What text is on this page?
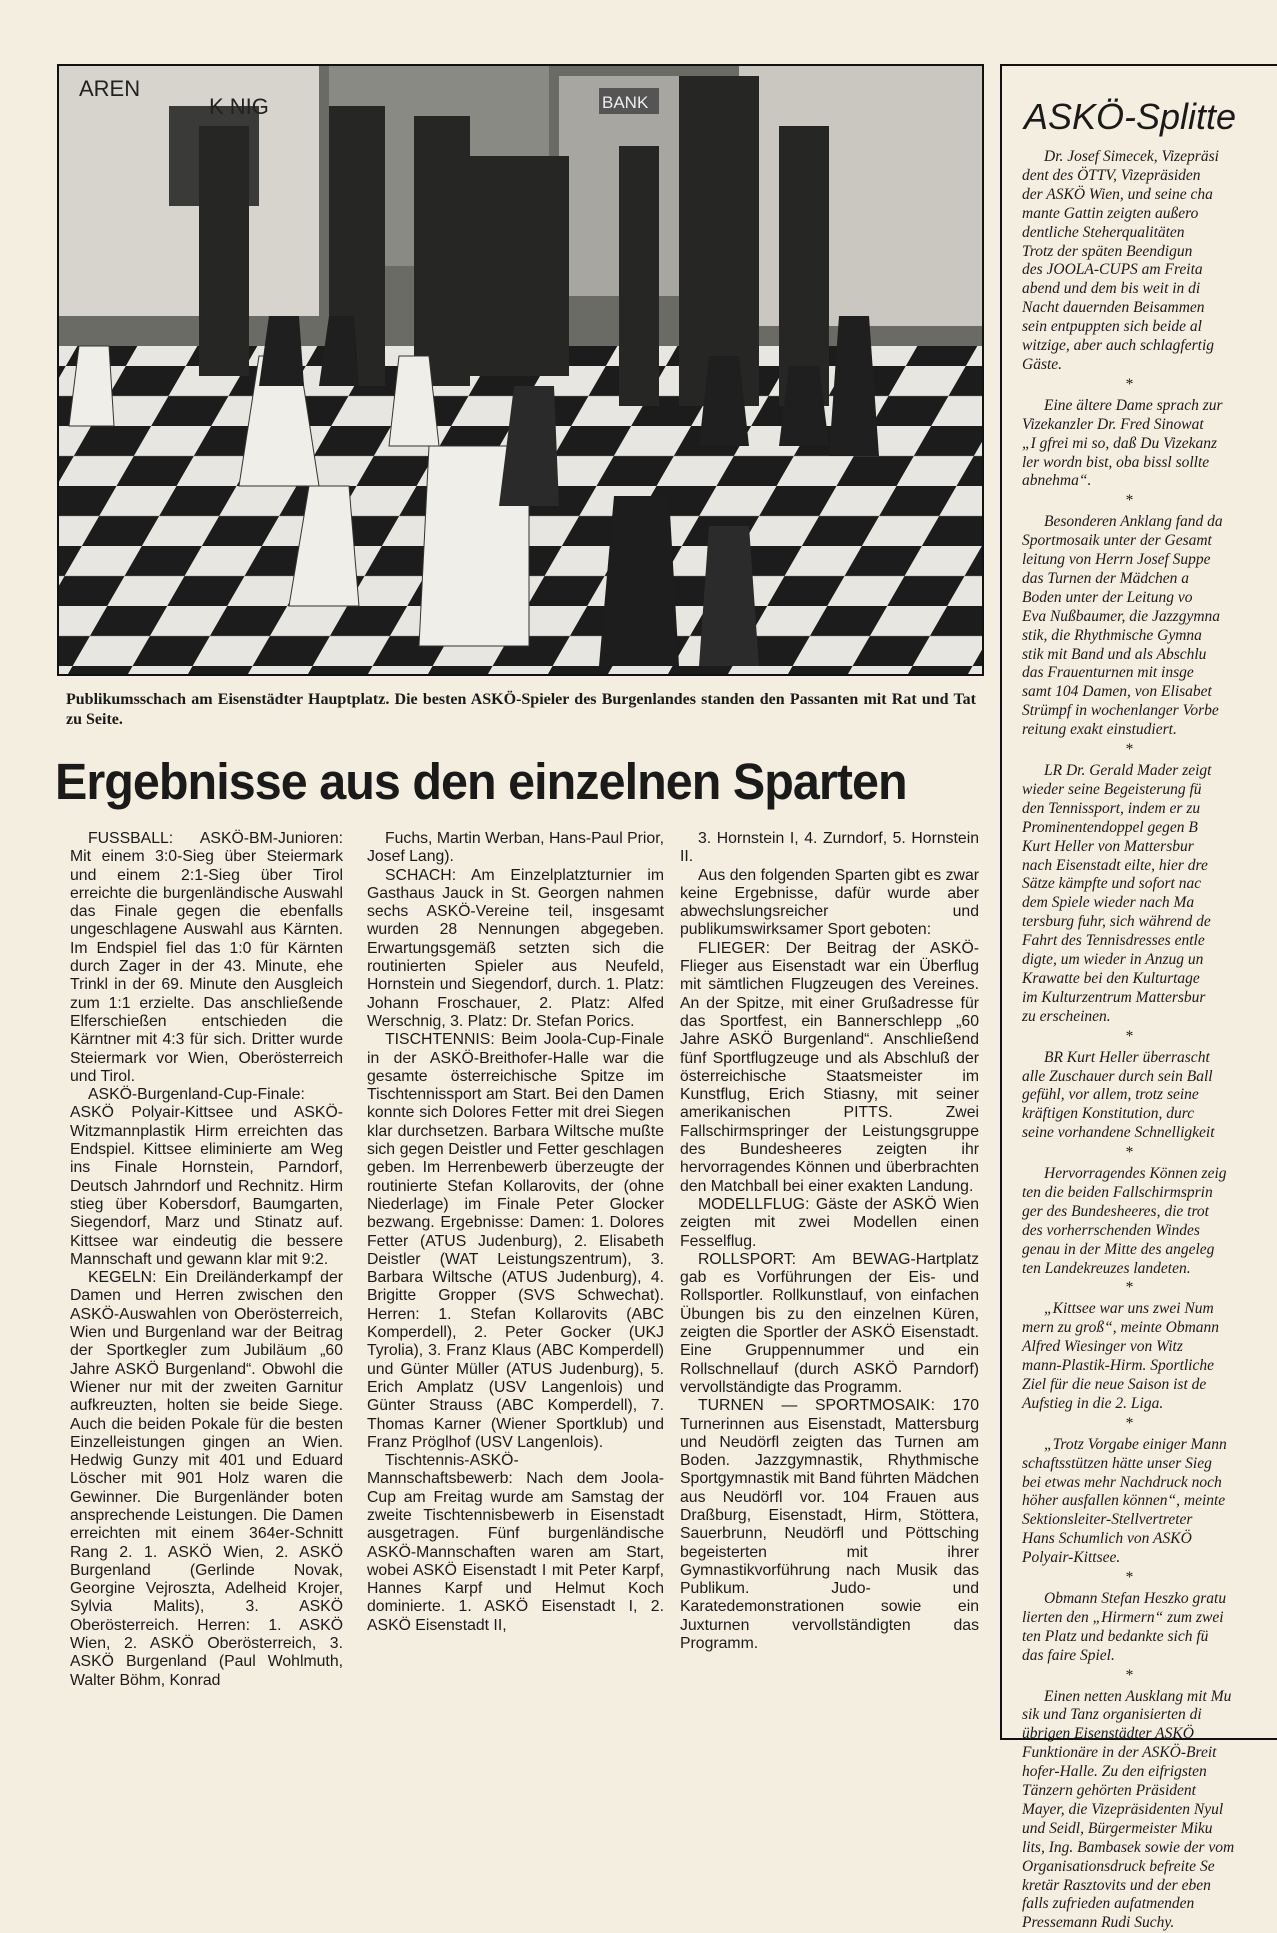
AREN
K NIG	BANK
Publikumsschach am Eisenstädter Hauptplatz. Die besten ASKÖ-Spieler des Burgenlandes standen den Passanten mit Rat und Tat zu Seite.
Ergebnisse aus den einzelnen Sparten

FUSSBALL: ASKÖ-BM-Junioren: Mit einem 3:0-Sieg über Steiermark und einem 2:1-Sieg über Tirol erreichte die burgenländische Auswahl das Finale gegen die ebenfalls ungeschlagene Auswahl aus Kärnten. Im Endspiel fiel das 1:0 für Kärnten durch Zager in der 43. Minute, ehe Trinkl in der 69. Minute den Ausgleich zum 1:1 erzielte. Das anschließende Elferschießen entschieden die Kärntner mit 4:3 für sich. Dritter wurde Steiermark vor Wien, Oberösterreich und Tirol.

ASKÖ-Burgenland-Cup-Finale: ASKÖ Polyair-Kittsee und ASKÖ-Witzmannplastik Hirm erreichten das Endspiel. Kittsee eliminierte am Weg ins Finale Hornstein, Parndorf, Deutsch Jahrndorf und Rechnitz. Hirm stieg über Kobersdorf, Baumgarten, Siegendorf, Marz und Stinatz auf. Kittsee war eindeutig die bessere Mannschaft und gewann klar mit 9:2.

KEGELN: Ein Dreiländerkampf der Damen und Herren zwischen den ASKÖ-Auswahlen von Oberösterreich, Wien und Burgenland war der Beitrag der Sportkegler zum Jubiläum „60 Jahre ASKÖ Burgenland“. Obwohl die Wiener nur mit der zweiten Garnitur aufkreuzten, holten sie beide Siege. Auch die beiden Pokale für die besten Einzelleistungen gingen an Wien. Hedwig Gunzy mit 401 und Eduard Löscher mit 901 Holz waren die Gewinner. Die Burgenländer boten ansprechende Leistungen. Die Damen erreichten mit einem 364er-Schnitt Rang 2. 1. ASKÖ Wien, 2. ASKÖ Burgenland (Gerlinde Novak, Georgine Vejroszta, Adelheid Krojer, Sylvia Malits), 3. ASKÖ Oberösterreich. Herren: 1. ASKÖ Wien, 2. ASKÖ Oberösterreich, 3. ASKÖ Burgenland (Paul Wohlmuth, Walter Böhm, Konrad

Fuchs, Martin Werban, Hans-Paul Prior, Josef Lang).

SCHACH: Am Einzelplatzturnier im Gasthaus Jauck in St. Georgen nahmen sechs ASKÖ-Vereine teil, insgesamt wurden 28 Nennungen abgegeben. Erwartungsgemäß setzten sich die routinierten Spieler aus Neufeld, Hornstein und Siegendorf, durch. 1. Platz: Johann Froschauer, 2. Platz: Alfed Werschnig, 3. Platz: Dr. Stefan Porics.

TISCHTENNIS: Beim Joola-Cup-Finale in der ASKÖ-Breithofer-Halle war die gesamte österreichische Spitze im Tischtennissport am Start. Bei den Damen konnte sich Dolores Fetter mit drei Siegen klar durchsetzen. Barbara Wiltsche mußte sich gegen Deistler und Fetter geschlagen geben. Im Herrenbewerb überzeugte der routinierte Stefan Kollarovits, der (ohne Niederlage) im Finale Peter Glocker bezwang. Ergebnisse: Damen: 1. Dolores Fetter (ATUS Judenburg), 2. Elisabeth Deistler (WAT Leistungszentrum), 3. Barbara Wiltsche (ATUS Judenburg), 4. Brigitte Gropper (SVS Schwechat). Herren: 1. Stefan Kollarovits (ABC Komperdell), 2. Peter Gocker (UKJ Tyrolia), 3. Franz Klaus (ABC Komperdell) und Günter Müller (ATUS Judenburg), 5. Erich Amplatz (USV Langenlois) und Günter Strauss (ABC Komperdell), 7. Thomas Karner (Wiener Sportklub) und Franz Pröglhof (USV Langenlois).

Tischtennis-ASKÖ-Mannschaftsbewerb: Nach dem Joola-Cup am Freitag wurde am Samstag der zweite Tischtennisbewerb in Eisenstadt ausgetragen. Fünf burgenländische ASKÖ-Mannschaften waren am Start, wobei ASKÖ Eisenstadt I mit Peter Karpf, Hannes Karpf und Helmut Koch dominierte. 1. ASKÖ Eisenstadt I, 2. ASKÖ Eisenstadt II,

3. Hornstein I, 4. Zurndorf, 5. Hornstein II.

Aus den folgenden Sparten gibt es zwar keine Ergebnisse, dafür wurde aber abwechslungsreicher und publikumswirksamer Sport geboten:

FLIEGER: Der Beitrag der ASKÖ-Flieger aus Eisenstadt war ein Überflug mit sämtlichen Flugzeugen des Vereines. An der Spitze, mit einer Grußadresse für das Sportfest, ein Bannerschlepp „60 Jahre ASKÖ Burgenland“. Anschließend fünf Sportflugzeuge und als Abschluß der österreichische Staatsmeister im Kunstflug, Erich Stiasny, mit seiner amerikanischen PITTS. Zwei Fallschirmspringer der Leistungsgruppe des Bundesheeres zeigten ihr hervorragendes Können und überbrachten den Matchball bei einer exakten Landung.

MODELLFLUG: Gäste der ASKÖ Wien zeigten mit zwei Modellen einen Fesselflug.

ROLLSPORT: Am BEWAG-Hartplatz gab es Vorführungen der Eis- und Rollsportler. Rollkunstlauf, von einfachen Übungen bis zu den einzelnen Küren, zeigten die Sportler der ASKÖ Eisenstadt. Eine Gruppennummer und ein Rollschnellauf (durch ASKÖ Parndorf) vervollständigte das Programm.

TURNEN — SPORTMOSAIK: 170 Turnerinnen aus Eisenstadt, Mattersburg und Neudörfl zeigten das Turnen am Boden. Jazzgymnastik, Rhythmische Sportgymnastik mit Band führten Mädchen aus Neudörfl vor. 104 Frauen aus Draßburg, Eisenstadt, Hirm, Stöttera, Sauerbrunn, Neudörfl und Pöttsching begeisterten mit ihrer Gymnastikvorführung nach Musik das Publikum. Judo- und Karatedemonstrationen sowie ein Juxturnen vervollständigten das Programm.

ASKÖ-Splitte

Dr. Josef Simecek, Vizepräsi

dent des ÖTTV, Vizepräsiden

der ASKÖ Wien, und seine cha

mante Gattin zeigten außero

dentliche Steherqualitäten

Trotz der späten Beendigun

des JOOLA-CUPS am Freita

abend und dem bis weit in di

Nacht dauernden Beisammen

sein entpuppten sich beide al

witzige, aber auch schlagfertig

Gäste.

*

Eine ältere Dame sprach zur

Vizekanzler Dr. Fred Sinowat

„I gfrei mi so, daß Du Vizekanz

ler wordn bist, oba bissl sollte

abnehma“.

*

Besonderen Anklang fand da

Sportmosaik unter der Gesamt

leitung von Herrn Josef Suppe

das Turnen der Mädchen a

Boden unter der Leitung vo

Eva Nußbaumer, die Jazzgymna

stik, die Rhythmische Gymna

stik mit Band und als Abschlu

das Frauenturnen mit insge

samt 104 Damen, von Elisabet

Strümpf in wochenlanger Vorbe

reitung exakt einstudiert.

*

LR Dr. Gerald Mader zeigt

wieder seine Begeisterung fü

den Tennissport, indem er zu

Prominentendoppel gegen B

Kurt Heller von Mattersbur

nach Eisenstadt eilte, hier dre

Sätze kämpfte und sofort nac

dem Spiele wieder nach Ma

tersburg fuhr, sich während de

Fahrt des Tennisdresses entle

digte, um wieder in Anzug un

Krawatte bei den Kulturtage

im Kulturzentrum Mattersbur

zu erscheinen.

*

BR Kurt Heller überrascht

alle Zuschauer durch sein Ball

gefühl, vor allem, trotz seine

kräftigen Konstitution, durc

seine vorhandene Schnelligkeit

*

Hervorragendes Können zeig

ten die beiden Fallschirmsprin

ger des Bundesheeres, die trot

des vorherrschenden Windes

genau in der Mitte des angeleg

ten Landekreuzes landeten.

*

„Kittsee war uns zwei Num

mern zu groß“, meinte Obmann

Alfred Wiesinger von Witz

mann-Plastik-Hirm. Sportliche

Ziel für die neue Saison ist de

Aufstieg in die 2. Liga.

*

„Trotz Vorgabe einiger Mann

schaftsstützen hätte unser Sieg

bei etwas mehr Nachdruck noch

höher ausfallen können“, meinte

Sektionsleiter-Stellvertreter

Hans Schumlich von ASKÖ

Polyair-Kittsee.

*

Obmann Stefan Heszko gratu

lierten den „Hirmern“ zum zwei

ten Platz und bedankte sich fü

das faire Spiel.

*

Einen netten Ausklang mit Mu

sik und Tanz organisierten di

übrigen Eisenstädter ASKÖ

Funktionäre in der ASKÖ-Breit

hofer-Halle. Zu den eifrigsten

Tänzern gehörten Präsident

Mayer, die Vizepräsidenten Nyul

und Seidl, Bürgermeister Miku

lits, Ing. Bambasek sowie der vom

Organisationsdruck befreite Se

kretär Rasztovits und der eben

falls zufrieden aufatmenden

Pressemann Rudi Suchy.
